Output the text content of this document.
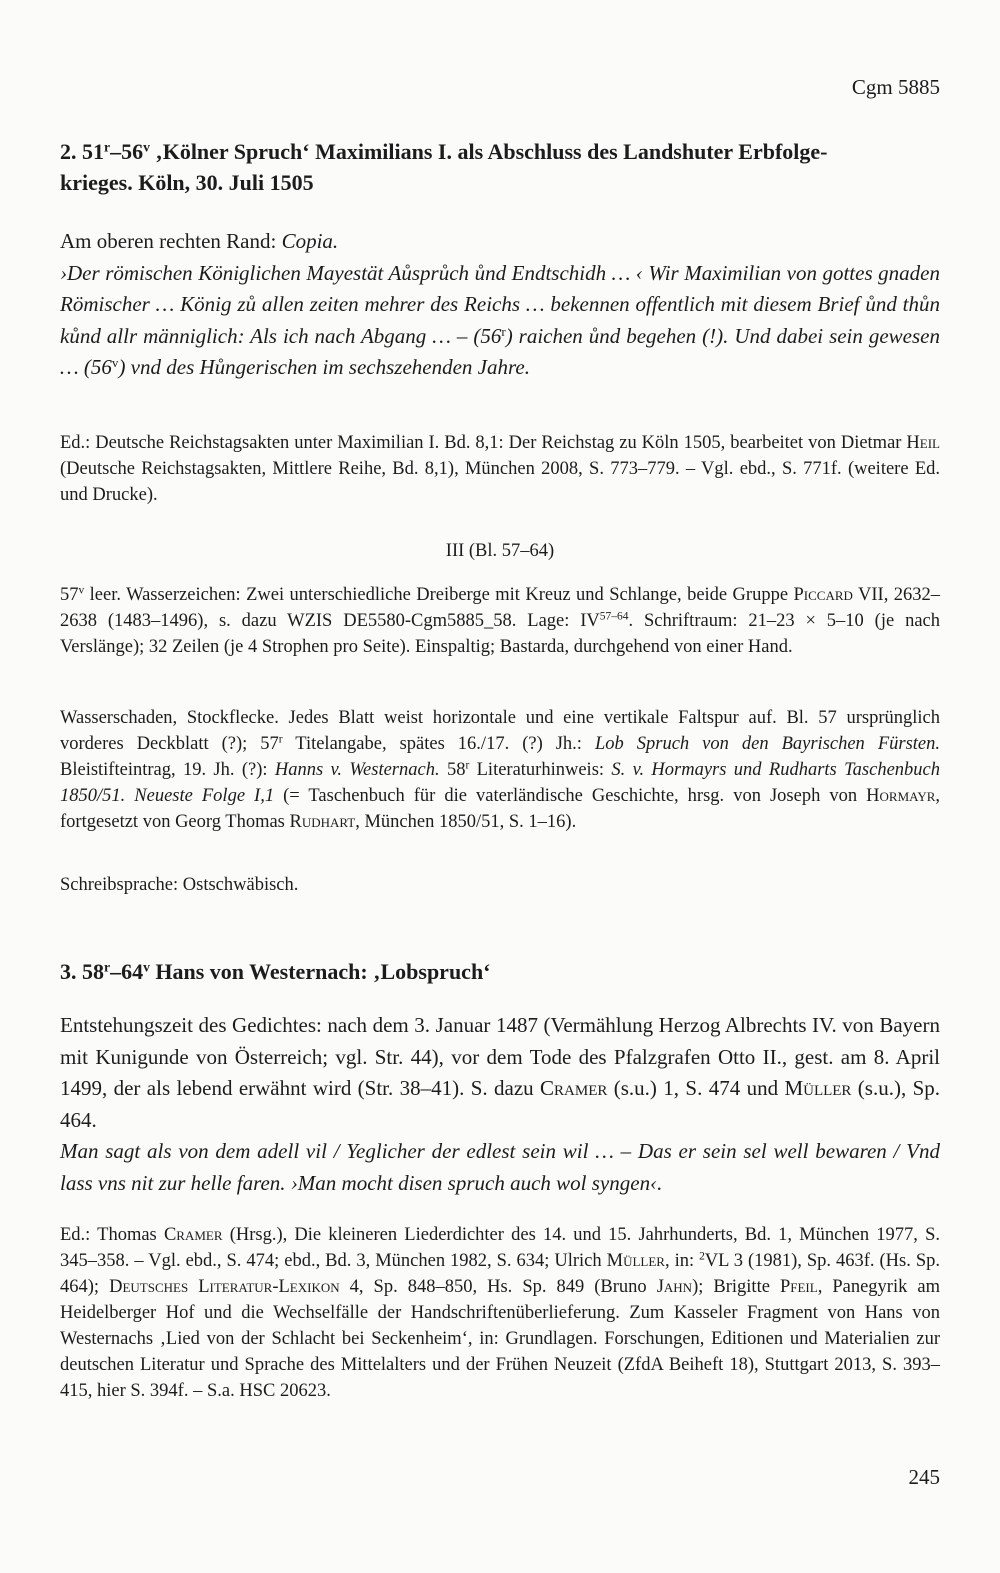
Cgm 5885
2. 51$^r$–56$^v$ ‚Kölner Spruch‘ Maximilians I. als Abschluss des Landshuter Erbfolge-
krieges. Köln, 30. Juli 1505

Am oberen rechten Rand: Copia.

›Der römischen Königlichen Mayestät Aůsprůch ůnd Endtschidh … ‹ Wir Maximilian von gottes gnaden Römischer … König zů allen zeiten mehrer des Reichs … bekennen offentlich mit diesem Brief ůnd thůn kůnd allr männiglich: Als ich nach Abgang … – (56$^r$) raichen ůnd begehen (!). Und dabei sein gewesen … (56$^v$) vnd des Hůngerischen im sechszehenden Jahre.

Ed.: Deutsche Reichstagsakten unter Maximilian I. Bd. 8,1: Der Reichstag zu Köln 1505, bearbeitet von Dietmar Heil (Deutsche Reichstagsakten, Mittlere Reihe, Bd. 8,1), München 2008, S. 773–779. – Vgl. ebd., S. 771f. (weitere Ed. und Drucke).

III (Bl. 57–64)

57$^v$ leer. Wasserzeichen: Zwei unterschiedliche Dreiberge mit Kreuz und Schlange, beide Gruppe Piccard VII, 2632–2638 (1483–1496), s. dazu WZIS DE5580-Cgm5885_58. Lage: IV$^{57-64}$. Schriftraum: 21–23 × 5–10 (je nach Verslänge); 32 Zeilen (je 4 Strophen pro Seite). Einspaltig; Bastarda, durchgehend von einer Hand.

Wasserschaden, Stockflecke. Jedes Blatt weist horizontale und eine vertikale Faltspur auf. Bl. 57 ursprünglich vorderes Deckblatt (?); 57$^r$ Titelangabe, spätes 16./17. (?) Jh.: Lob Spruch von den Bayrischen Fürsten. Bleistifteintrag, 19. Jh. (?): Hanns v. Westernach. 58$^r$ Literaturhinweis: S. v. Hormayrs und Rudharts Taschenbuch 1850/51. Neueste Folge I,1 (= Taschenbuch für die vaterländische Geschichte, hrsg. von Joseph von Hormayr, fortgesetzt von Georg Thomas Rudhart, München 1850/51, S. 1–16).

Schreibsprache: Ostschwäbisch.
3. 58$^r$–64$^v$ Hans von Westernach: ‚Lobspruch‘

Entstehungszeit des Gedichtes: nach dem 3. Januar 1487 (Vermählung Herzog Albrechts IV. von Bayern mit Kunigunde von Österreich; vgl. Str. 44), vor dem Tode des Pfalzgrafen Otto II., gest. am 8. April 1499, der als lebend erwähnt wird (Str. 38–41). S. dazu Cramer (s.u.) 1, S. 474 und Müller (s.u.), Sp. 464.

Man sagt als von dem adell vil / Yeglicher der edlest sein wil … – Das er sein sel well bewaren / Vnd lass vns nit zur helle faren. ›Man mocht disen spruch auch wol syngen‹.

Ed.: Thomas Cramer (Hrsg.), Die kleineren Liederdichter des 14. und 15. Jahrhunderts, Bd. 1, München 1977, S. 345–358. – Vgl. ebd., S. 474; ebd., Bd. 3, München 1982, S. 634; Ulrich Müller, in: $^2$VL 3 (1981), Sp. 463f. (Hs. Sp. 464); Deutsches Literatur-Lexikon 4, Sp. 848–850, Hs. Sp. 849 (Bruno Jahn); Brigitte Pfeil, Panegyrik am Heidelberger Hof und die Wechselfälle der Handschriftenüberlieferung. Zum Kasseler Fragment von Hans von Westernachs ‚Lied von der Schlacht bei Seckenheim‘, in: Grundlagen. Forschungen, Editionen und Materialien zur deutschen Literatur und Sprache des Mittelalters und der Frühen Neuzeit (ZfdA Beiheft 18), Stuttgart 2013, S. 393–415, hier S. 394f. – S.a. HSC 20623.

245
